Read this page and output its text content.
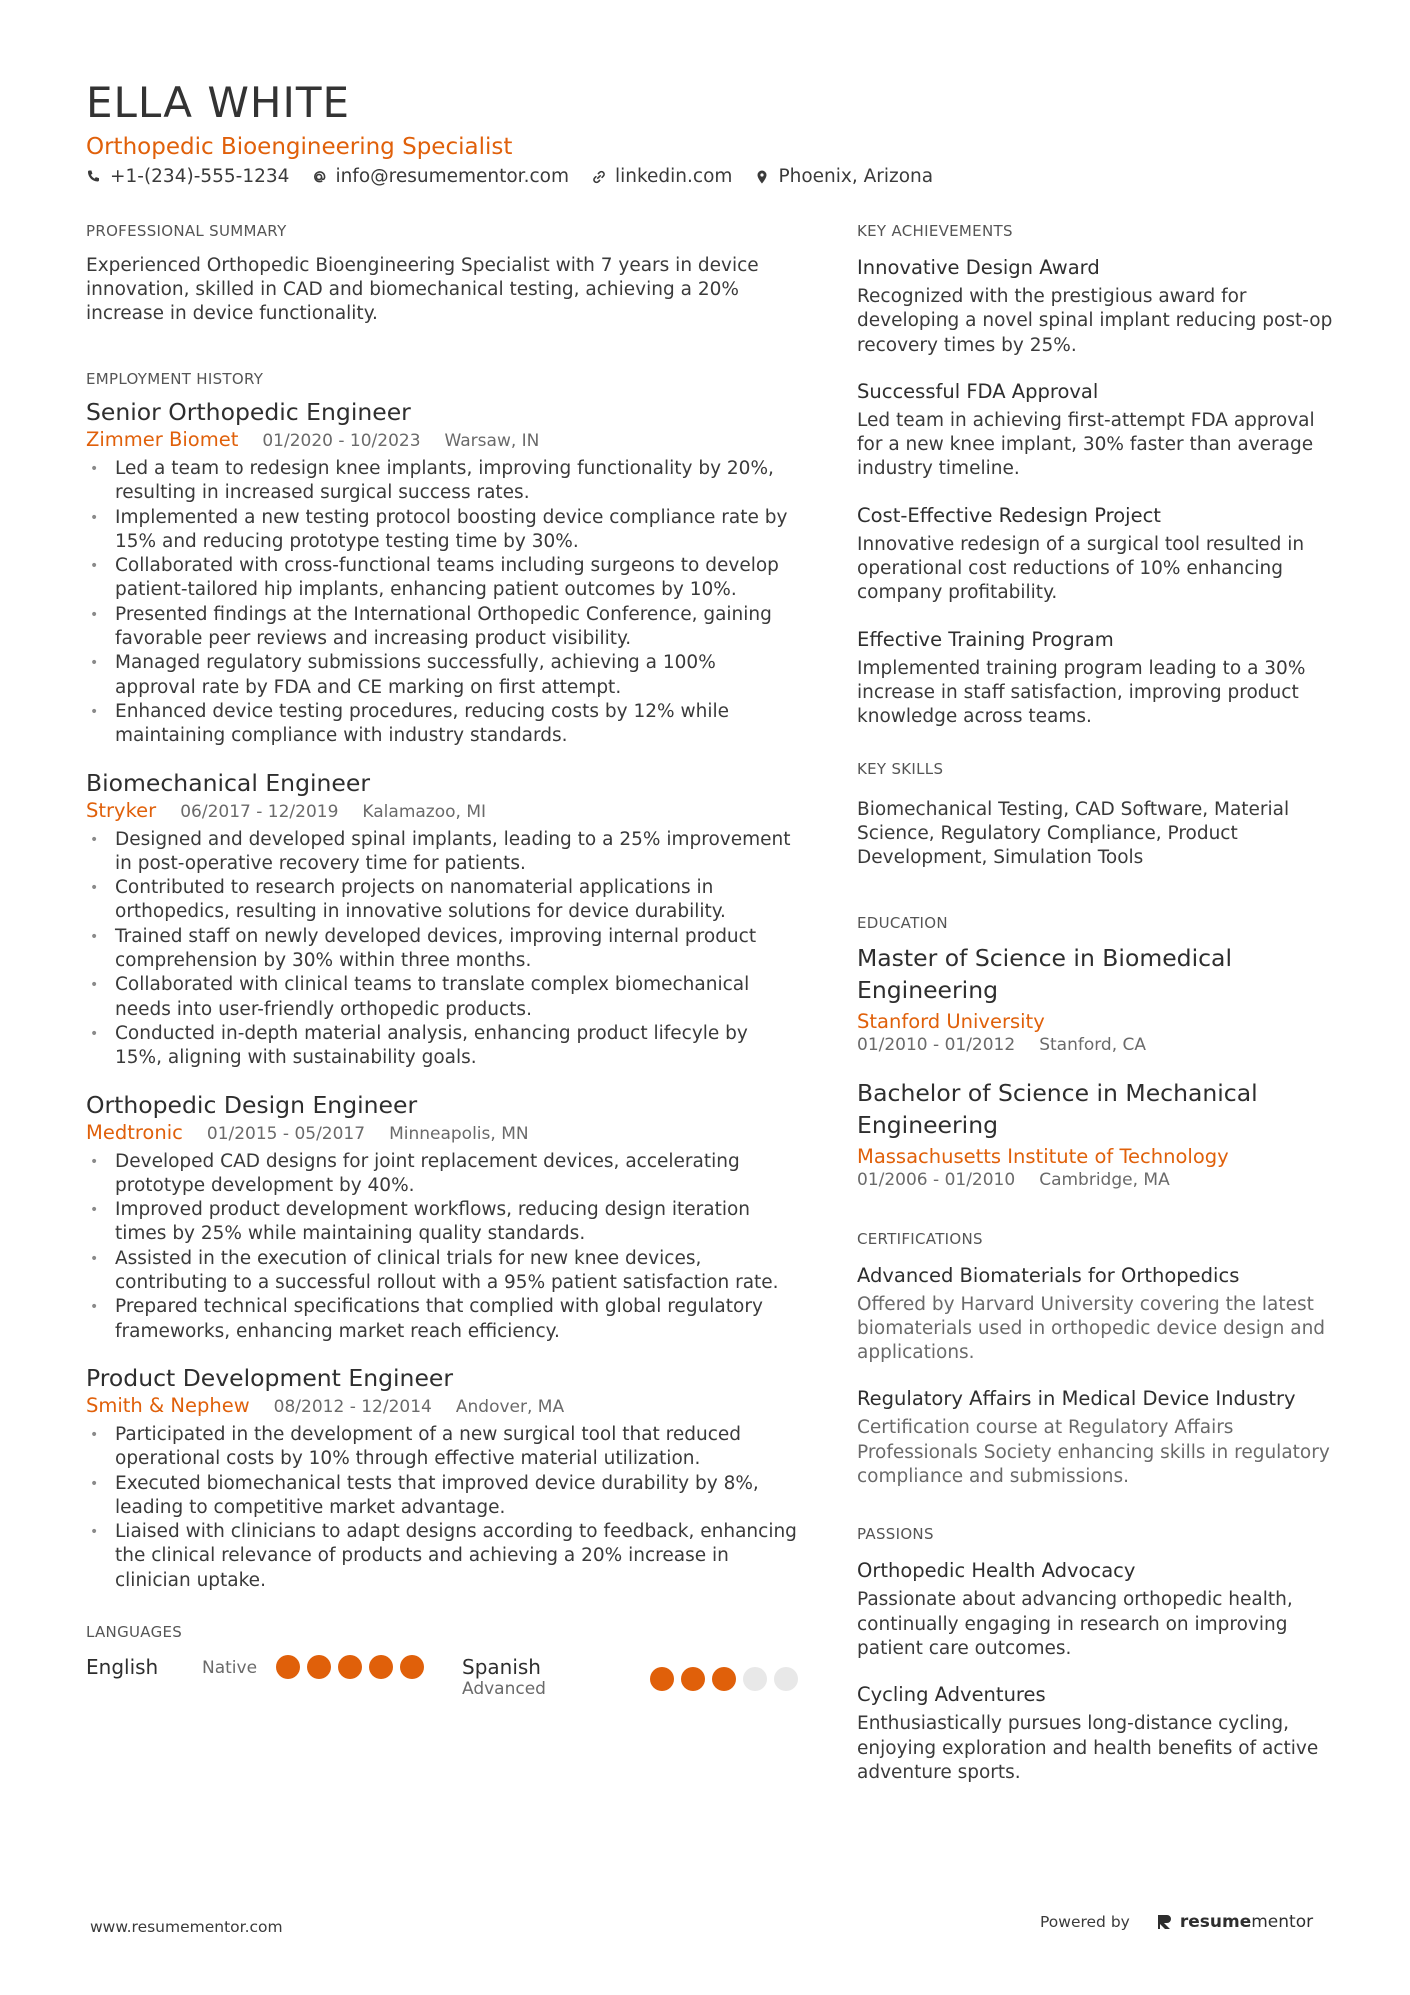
ELLA WHITE
Orthopedic Bioengineering Specialist
+1-(234)-555-1234 info@resumementor.com linkedin.com Phoenix, Arizona
PROFESSIONAL SUMMARY
Experienced Orthopedic Bioengineering Specialist with 7 years in device innovation, skilled in CAD and biomechanical testing, achieving a 20% increase in device functionality.
EMPLOYMENT HISTORY
Senior Orthopedic Engineer
Zimmer Biomet 01/2020 - 10/2023 Warsaw, IN
• Led a team to redesign knee implants, improving functionality by 20%, resulting in increased surgical success rates.
• Implemented a new testing protocol boosting device compliance rate by 15% and reducing prototype testing time by 30%.
• Collaborated with cross-functional teams including surgeons to develop patient-tailored hip implants, enhancing patient outcomes by 10%.
• Presented findings at the International Orthopedic Conference, gaining favorable peer reviews and increasing product visibility.
• Managed regulatory submissions successfully, achieving a 100% approval rate by FDA and CE marking on first attempt.
• Enhanced device testing procedures, reducing costs by 12% while maintaining compliance with industry standards.
Biomechanical Engineer
Stryker 06/2017 - 12/2019 Kalamazoo, MI
• Designed and developed spinal implants, leading to a 25% improvement in post-operative recovery time for patients.
• Contributed to research projects on nanomaterial applications in orthopedics, resulting in innovative solutions for device durability.
• Trained staff on newly developed devices, improving internal product comprehension by 30% within three months.
• Collaborated with clinical teams to translate complex biomechanical needs into user-friendly orthopedic products.
• Conducted in-depth material analysis, enhancing product lifecyle by 15%, aligning with sustainability goals.
Orthopedic Design Engineer
Medtronic 01/2015 - 05/2017 Minneapolis, MN
• Developed CAD designs for joint replacement devices, accelerating prototype development by 40%.
• Improved product development workflows, reducing design iteration times by 25% while maintaining quality standards.
• Assisted in the execution of clinical trials for new knee devices, contributing to a successful rollout with a 95% patient satisfaction rate.
• Prepared technical specifications that complied with global regulatory frameworks, enhancing market reach efficiency.
Product Development Engineer
Smith & Nephew 08/2012 - 12/2014 Andover, MA
• Participated in the development of a new surgical tool that reduced operational costs by 10% through effective material utilization.
• Executed biomechanical tests that improved device durability by 8%, leading to competitive market advantage.
• Liaised with clinicians to adapt designs according to feedback, enhancing the clinical relevance of products and achieving a 20% increase in clinician uptake.
LANGUAGES
English	Native	Spanish
Advanced
KEY ACHIEVEMENTS
Innovative Design Award
Recognized with the prestigious award for developing a novel spinal implant reducing post-op recovery times by 25%.
Successful FDA Approval
Led team in achieving first-attempt FDA approval for a new knee implant, 30% faster than average industry timeline.
Cost-Effective Redesign Project
Innovative redesign of a surgical tool resulted in operational cost reductions of 10% enhancing company profitability.
Effective Training Program
Implemented training program leading to a 30% increase in staff satisfaction, improving product knowledge across teams.
KEY SKILLS
Biomechanical Testing, CAD Software, Material Science, Regulatory Compliance, Product Development, Simulation Tools
EDUCATION
Master of Science in Biomedical Engineering
Stanford University
01/2010 - 01/2012 Stanford, CA
Bachelor of Science in Mechanical Engineering
Massachusetts Institute of Technology
01/2006 - 01/2010 Cambridge, MA
CERTIFICATIONS
Advanced Biomaterials for Orthopedics
Offered by Harvard University covering the latest biomaterials used in orthopedic device design and applications.
Regulatory Affairs in Medical Device Industry
Certification course at Regulatory Affairs Professionals Society enhancing skills in regulatory compliance and submissions.
PASSIONS
Orthopedic Health Advocacy
Passionate about advancing orthopedic health, continually engaging in research on improving patient care outcomes.
Cycling Adventures
Enthusiastically pursues long-distance cycling, enjoying exploration and health benefits of active adventure sports.
www.resumementor.com	Powered by	resumementor
